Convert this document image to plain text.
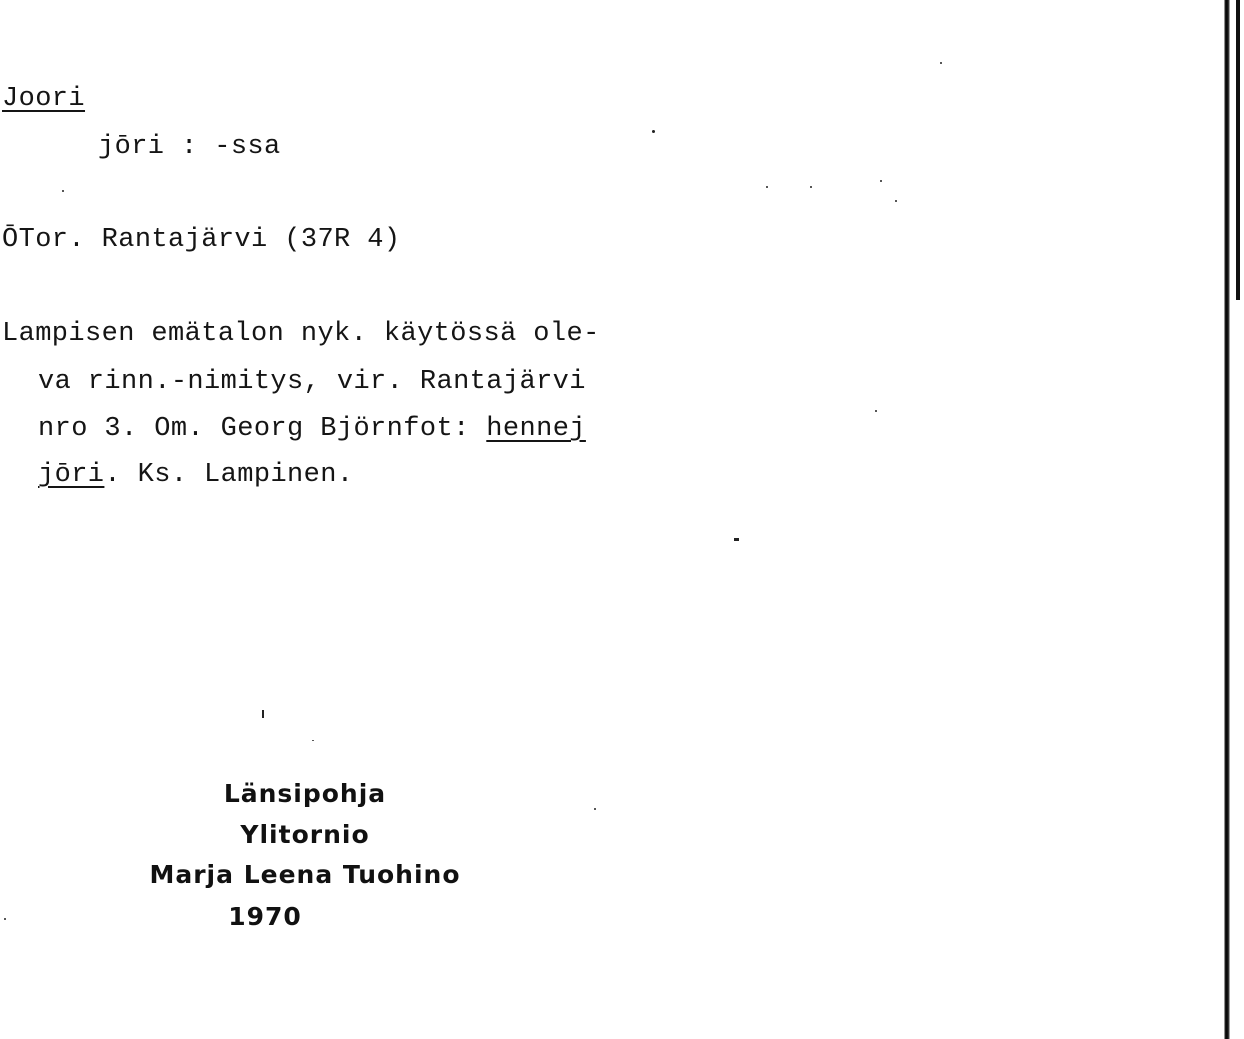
Joori
jōri : -ssa
ŌTor. Rantajärvi (37R 4)
Lampisen emätalon nyk. käytössä ole-
va rinn.-nimitys, vir. Rantajärvi
nro 3. Om. Georg Björnfot: hennej
jōri. Ks. Lampinen.
Länsipohja
Ylitornio
Marja Leena Tuohino
1970
